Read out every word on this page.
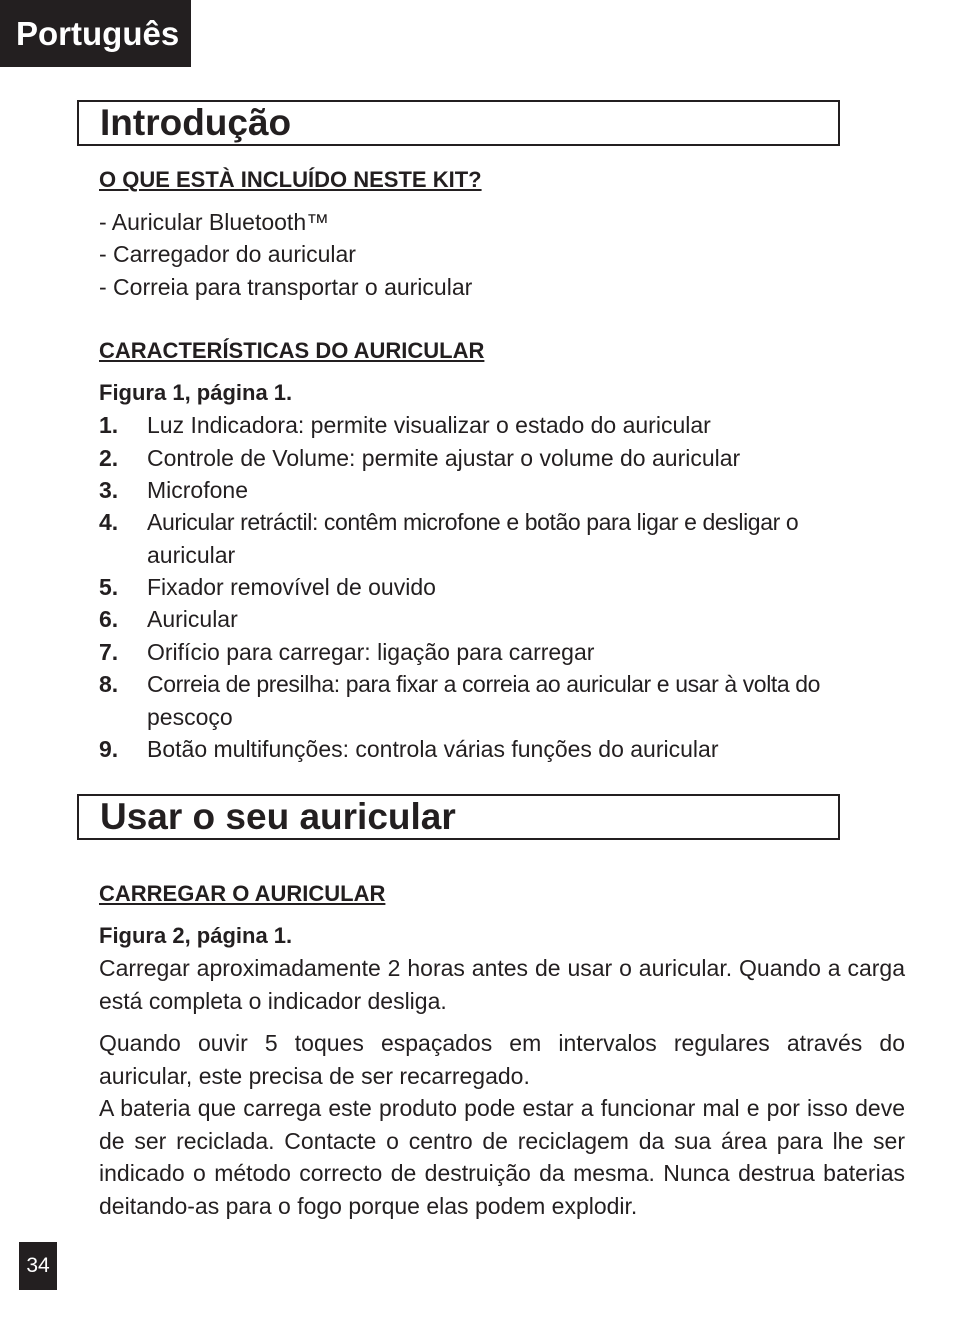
Português
Introdução
O QUE ESTÀ INCLUÍDO NESTE KIT?
- Auricular Bluetooth™
- Carregador do auricular
- Correia para transportar o auricular
CARACTERÍSTICAS DO AURICULAR
Figura 1, página 1.
1.	Luz Indicadora: permite visualizar o estado do auricular
2.	Controle de Volume: permite ajustar o volume do auricular
3.	Microfone
4.	Auricular retráctil: contêm microfone e botão para ligar e desligar o
auricular
5.	Fixador removível de ouvido
6.	Auricular
7.	Orifício para carregar: ligação para carregar
8.	Correia de presilha: para fixar a correia ao auricular e usar à volta do
pescoço
9.	Botão multifunções: controla várias funções do auricular
Usar o seu auricular
CARREGAR O AURICULAR
Figura 2, página 1.
Carregar aproximadamente 2 horas antes de usar o auricular. Quando a carga está completa o indicador desliga.
Quando ouvir 5 toques espaçados em intervalos regulares através do auricular, este precisa de ser recarregado.
A bateria que carrega este produto pode estar a funcionar mal e por isso deve de ser reciclada. Contacte o centro de reciclagem da sua área para lhe ser indicado o método correcto de destruição da mesma. Nunca destrua baterias deitando-as para o fogo porque elas podem explodir.
34
